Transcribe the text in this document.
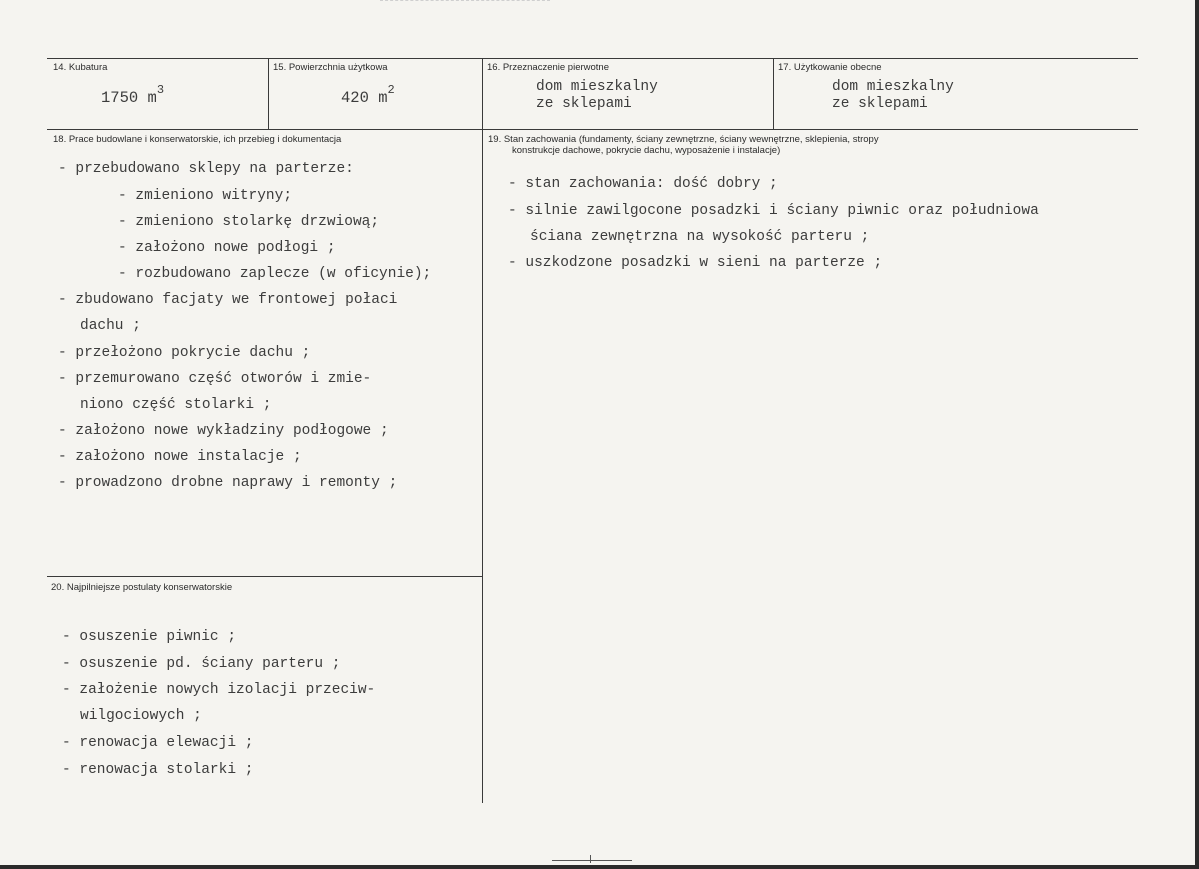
14. Kubatura
1750 $m^3$
15. Powierzchnia użytkowa
420 $m^2$
16. Przeznaczenie pierwotne
dom mieszkalny
ze sklepami
17. Użytkowanie obecne
dom mieszkalny
ze sklepami
18. Prace budowlane i konserwatorskie, ich przebieg i dokumentacja
- przebudowano sklepy na parterze:
- zmieniono witryny;
- zmieniono stolarkę drzwiową;
- założono nowe podłogi ;
- rozbudowano zaplecze (w oficynie);
- zbudowano facjaty we frontowej połaci
dachu ;
- przełożono pokrycie dachu ;
- przemurowano część otworów i zmie-
niono część stolarki ;
- założono nowe wykładziny podłogowe ;
- założono nowe instalacje ;
- prowadzono drobne naprawy i remonty ;
19. Stan zachowania (fundamenty, ściany zewnętrzne, ściany wewnętrzne, sklepienia, stropy
konstrukcje dachowe, pokrycie dachu, wyposażenie i instalacje)
- stan zachowania: dość dobry ;
- silnie zawilgocone posadzki i ściany piwnic oraz południowa
ściana zewnętrzna na wysokość parteru ;
- uszkodzone posadzki w sieni na parterze ;
20. Najpilniejsze postulaty konserwatorskie
- osuszenie piwnic ;
- osuszenie pd. ściany parteru ;
- założenie nowych izolacji przeciw-
wilgociowych ;
- renowacja elewacji ;
- renowacja stolarki ;
